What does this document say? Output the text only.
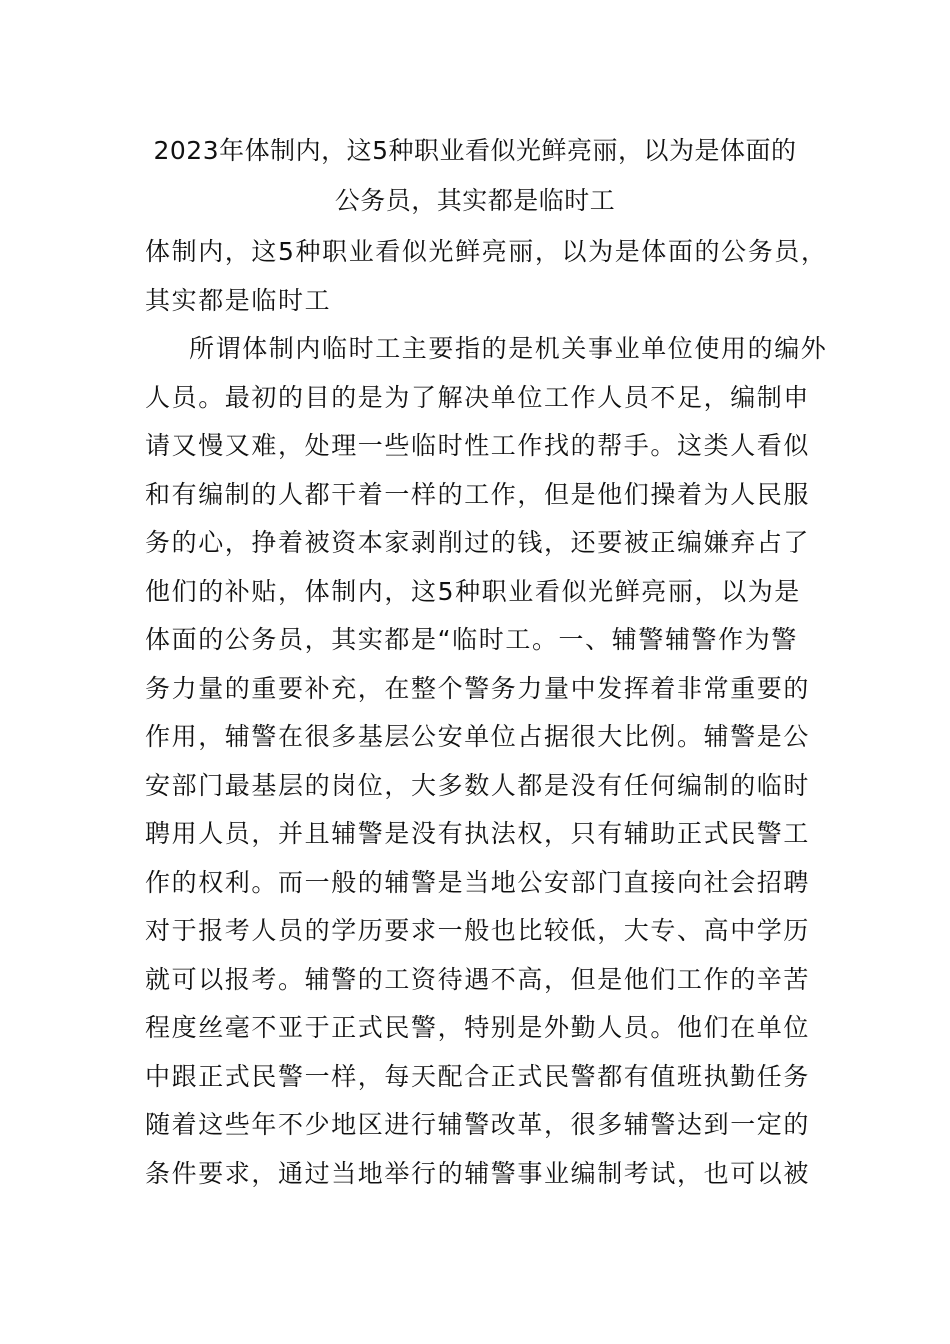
2023年体制内，这5种职业看似光鲜亮丽，以为是体面的
公务员，其实都是临时工
体制内，这5种职业看似光鲜亮丽，以为是体面的公务员，
其实都是临时工
所谓体制内临时工主要指的是机关事业单位使用的编外
人员。最初的目的是为了解决单位工作人员不足，编制申
请又慢又难，处理一些临时性工作找的帮手。这类人看似
和有编制的人都干着一样的工作，但是他们操着为人民服
务的心，挣着被资本家剥削过的钱，还要被正编嫌弃占了
他们的补贴，体制内，这5种职业看似光鲜亮丽，以为是
体面的公务员，其实都是“临时工。一、辅警辅警作为警
务力量的重要补充，在整个警务力量中发挥着非常重要的
作用，辅警在很多基层公安单位占据很大比例。辅警是公
安部门最基层的岗位，大多数人都是没有任何编制的临时
聘用人员，并且辅警是没有执法权，只有辅助正式民警工
作的权利。而一般的辅警是当地公安部门直接向社会招聘
对于报考人员的学历要求一般也比较低，大专、高中学历
就可以报考。辅警的工资待遇不高，但是他们工作的辛苦
程度丝毫不亚于正式民警，特别是外勤人员。他们在单位
中跟正式民警一样，每天配合正式民警都有值班执勤任务
随着这些年不少地区进行辅警改革，很多辅警达到一定的
条件要求，通过当地举行的辅警事业编制考试，也可以被
